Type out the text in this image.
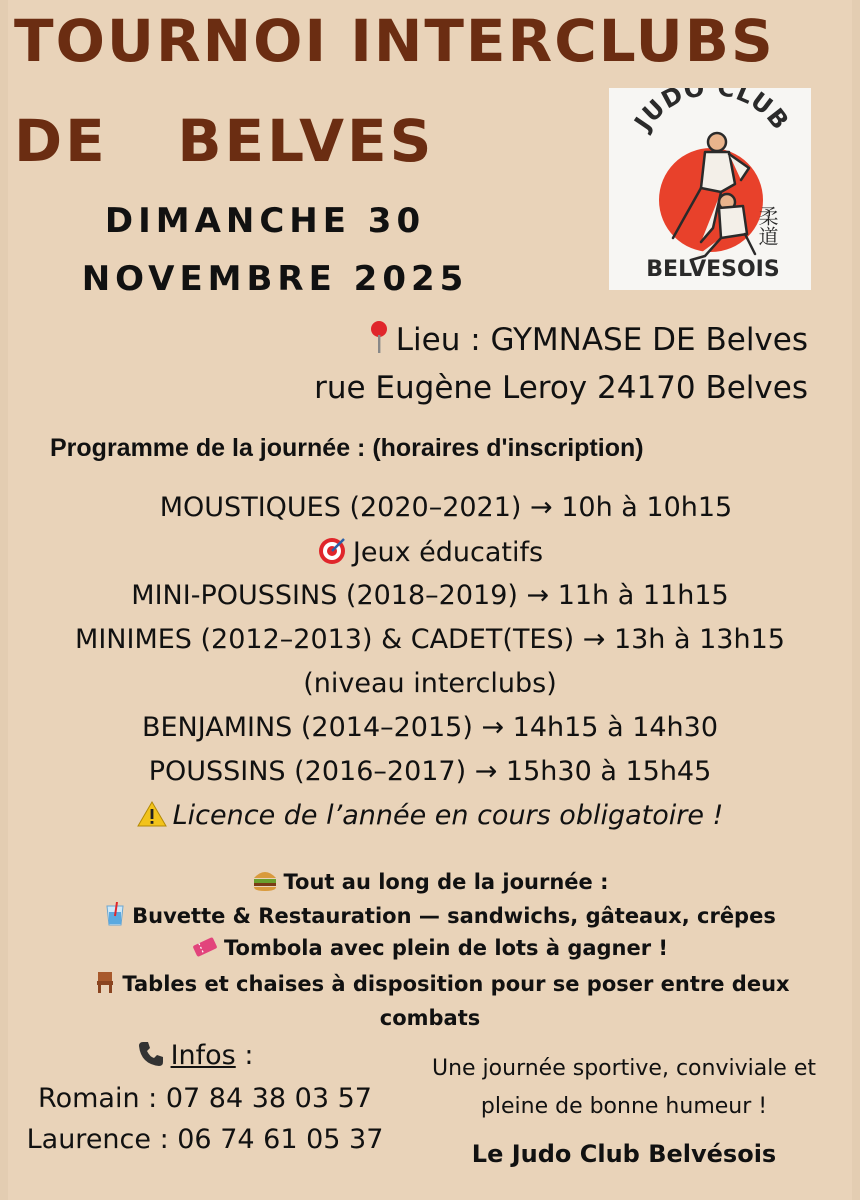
TOURNOI INTERCLUBS
DE   BELVES
DIMANCHE 30
NOVEMBRE 2025
JUDO CLUB
柔道
BELVESOIS
Lieu : GYMNASE DE Belves
rue Eugène Leroy 24170 Belves
Programme de la journée : (horaires d'inscription)
MOUSTIQUES (2020–2021) → 10h à 10h15
Jeux éducatifs
MINI-POUSSINS (2018–2019) → 11h à 11h15
MINIMES (2012–2013) & CADET(TES) → 13h à 13h15
(niveau interclubs)
BENJAMINS (2014–2015) → 14h15 à 14h30
POUSSINS (2016–2017) → 15h30 à 15h45
Licence de l’année en cours obligatoire !
Tout au long de la journée :
Buvette & Restauration — sandwichs, gâteaux, crêpes
Tombola avec plein de lots à gagner !
Tables et chaises à disposition pour se poser entre deux
combats
Infos :
Romain : 07 84 38 03 57
Laurence : 06 74 61 05 37
Une journée sportive, conviviale et
pleine de bonne humeur !
Le Judo Club Belvésois
